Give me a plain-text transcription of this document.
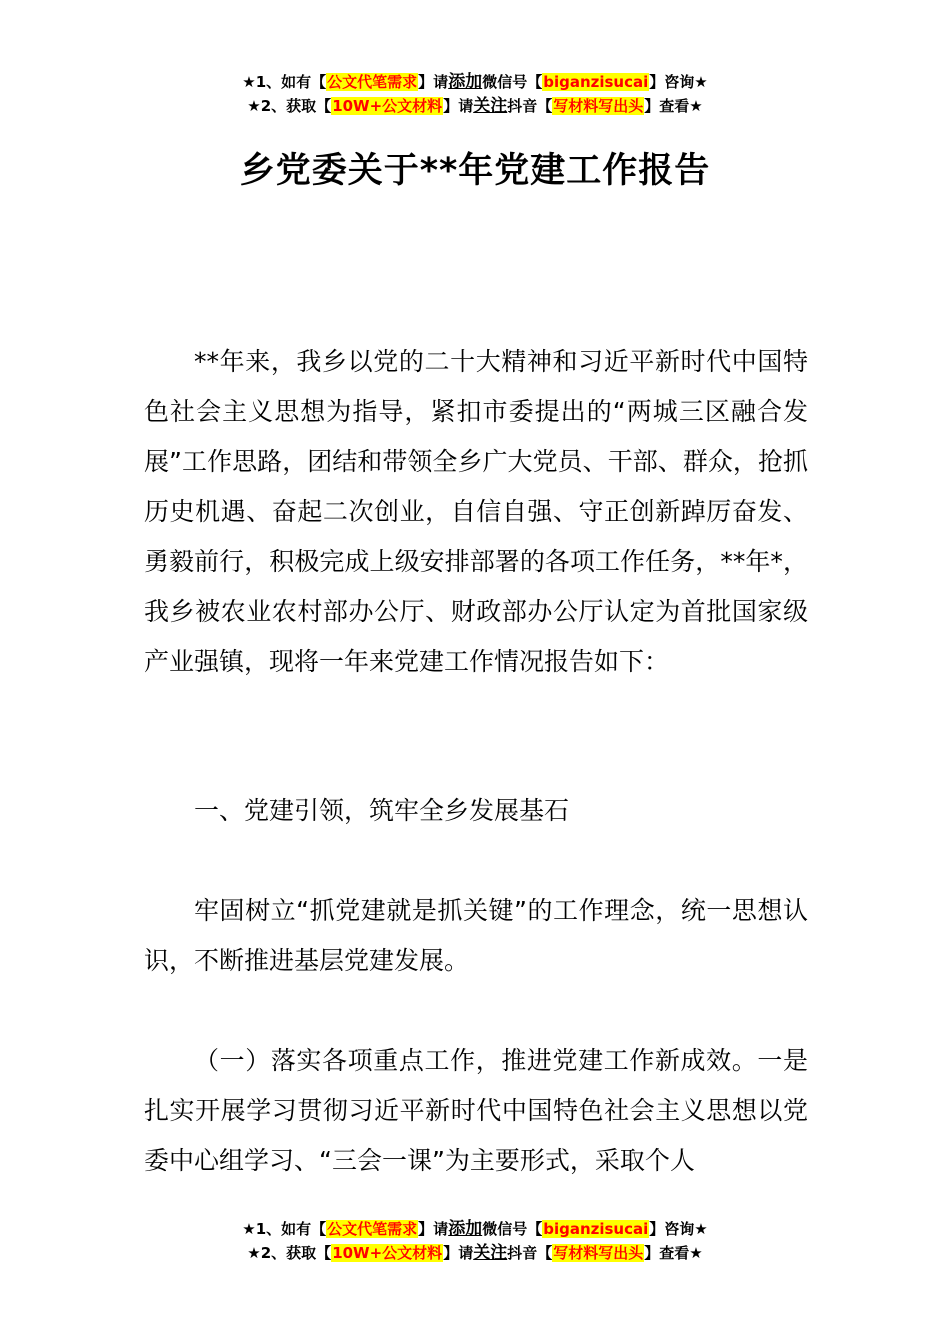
★1、如有【公文代笔需求】请添加微信号【biganzisucai】咨询★
★2、获取【10W+公文材料】请关注抖音【写材料写出头】查看★
乡党委关于**年党建工作报告

**年来，我乡以党的二十大精神和习近平新时代中国特色社会主义思想为指导，紧扣市委提出的“两城三区融合发展”工作思路，团结和带领全乡广大党员、干部、群众，抢抓历史机遇、奋起二次创业，自信自强、守正创新踔厉奋发、勇毅前行，积极完成上级安排部署的各项工作任务，**年*，我乡被农业农村部办公厅、财政部办公厅认定为首批国家级产业强镇，现将一年来党建工作情况报告如下：

一、党建引领，筑牢全乡发展基石

牢固树立“抓党建就是抓关键”的工作理念，统一思想认识，不断推进基层党建发展。

（一）落实各项重点工作，推进党建工作新成效。一是扎实开展学习贯彻习近平新时代中国特色社会主义思想以党委中心组学习、“三会一课”为主要形式，采取个人

★1、如有【公文代笔需求】请添加微信号【biganzisucai】咨询★
★2、获取【10W+公文材料】请关注抖音【写材料写出头】查看★
